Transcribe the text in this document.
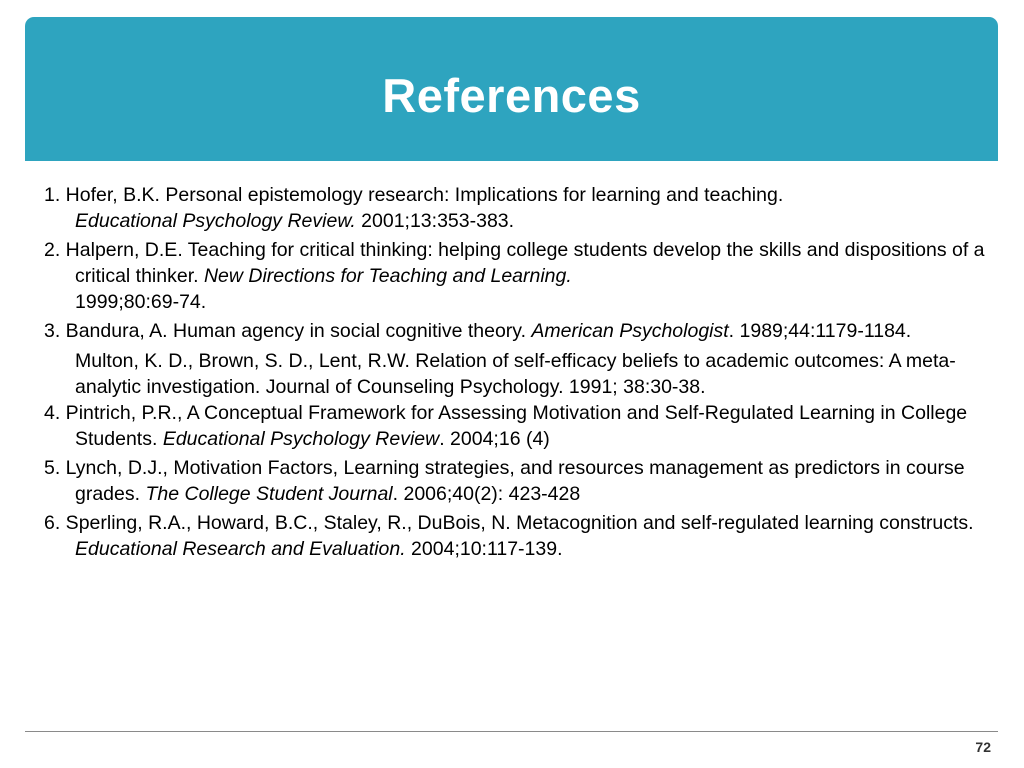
References

1. Hofer, B.K. Personal epistemology research: Implications for learning and teaching.
Educational Psychology Review. 2001;13:353-383.

2. Halpern, D.E. Teaching for critical thinking: helping college students develop the skills and dispositions of a critical thinker. New Directions for Teaching and Learning.
1999;80:69-74.

3. Bandura, A. Human agency in social cognitive theory. American Psychologist. 1989;44:1179-1184.

Multon, K. D., Brown, S. D., Lent, R.W. Relation of self-efficacy beliefs to academic outcomes: A meta-analytic investigation. Journal of Counseling Psychology. 1991; 38:30-38.

4. Pintrich, P.R., A Conceptual Framework for Assessing Motivation and Self-Regulated Learning in College Students. Educational Psychology Review. 2004;16 (4)

5. Lynch, D.J., Motivation Factors, Learning strategies, and resources management as predictors in course grades. The College Student Journal. 2006;40(2): 423-428

6. Sperling, R.A., Howard, B.C., Staley, R., DuBois, N. Metacognition and self-regulated learning constructs. Educational Research and Evaluation. 2004;10:117-139.

72
